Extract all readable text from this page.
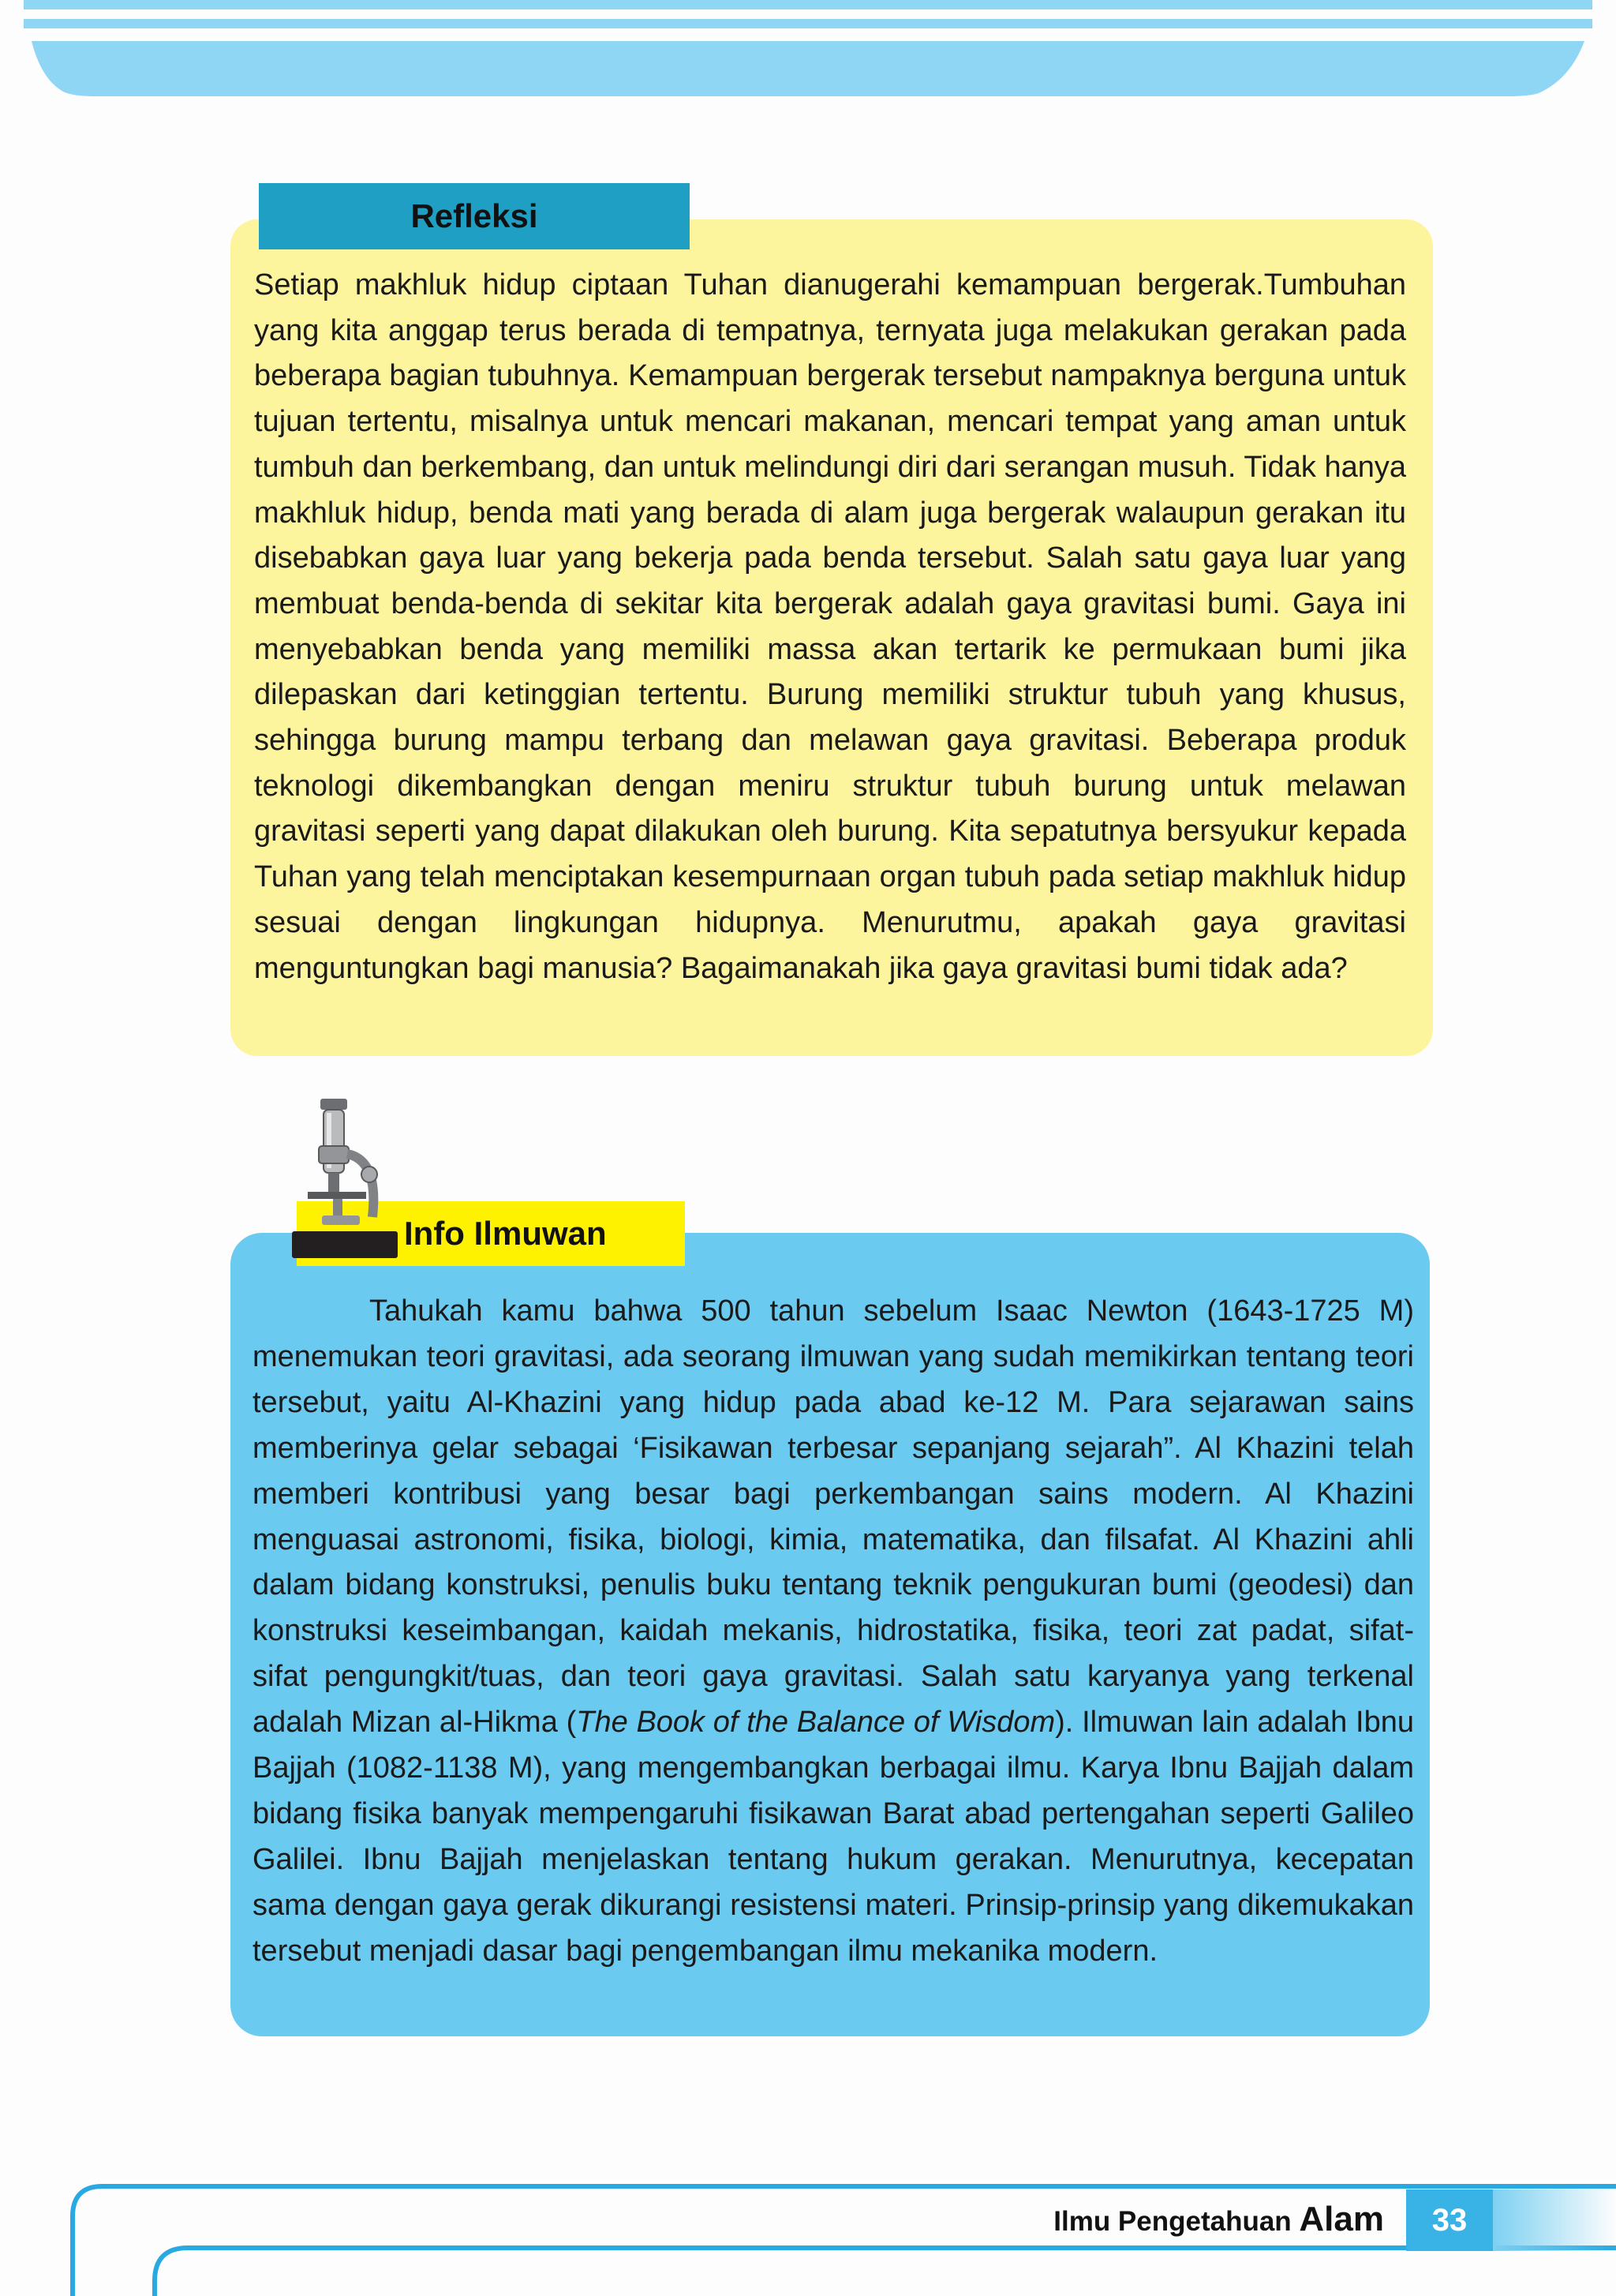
Refleksi

Setiap makhluk hidup ciptaan Tuhan dianugerahi kemampuan bergerak.Tumbuhan yang kita anggap terus berada di tempatnya, ternyata juga melakukan gerakan pada beberapa bagian tubuhnya. Kemampuan bergerak tersebut nampaknya berguna untuk tujuan tertentu, misalnya untuk mencari makanan, mencari tempat yang aman untuk tumbuh dan berkembang, dan untuk melindungi diri dari serangan musuh. Tidak hanya makhluk hidup, benda mati yang berada di alam juga bergerak walaupun gerakan itu disebabkan gaya luar yang bekerja pada benda tersebut. Salah satu gaya luar yang membuat benda-benda di sekitar kita bergerak adalah gaya gravitasi bumi. Gaya ini menyebabkan benda yang memiliki massa akan tertarik ke permukaan bumi jika dilepaskan dari ketinggian tertentu. Burung memiliki struktur tubuh yang khusus, sehingga burung mampu terbang dan melawan gaya gravitasi. Beberapa produk teknologi dikembangkan dengan meniru struktur tubuh burung untuk melawan gravitasi seperti yang dapat dilakukan oleh burung. Kita sepatutnya bersyukur kepada Tuhan yang telah menciptakan kesempurnaan organ tubuh pada setiap makhluk hidup sesuai dengan lingkungan hidupnya. Menurutmu, apakah gaya gravitasi menguntungkan bagi manusia? Bagaimanakah jika gaya gravitasi bumi tidak ada?

Info Ilmuwan

Tahukah kamu bahwa 500 tahun sebelum Isaac Newton (1643-1725 M) menemukan teori gravitasi, ada seorang ilmuwan yang sudah memikirkan tentang teori tersebut, yaitu Al-Khazini yang hidup pada abad ke-12 M. Para sejarawan sains memberinya gelar sebagai ‘Fisikawan terbesar sepanjang sejarah”. Al Khazini telah memberi kontribusi yang besar bagi perkembangan sains modern. Al Khazini menguasai astronomi, fisika, biologi, kimia, matematika, dan filsafat. Al Khazini ahli dalam bidang konstruksi, penulis buku tentang teknik pengukuran bumi (geodesi) dan konstruksi keseimbangan, kaidah mekanis, hidrostatika, fisika, teori zat padat, sifat-sifat pengungkit/tuas, dan teori gaya gravitasi. Salah satu karyanya yang terkenal adalah Mizan al-Hikma (The Book of the Balance of Wisdom). Ilmuwan lain adalah Ibnu Bajjah (1082-1138 M), yang mengembangkan berbagai ilmu. Karya Ibnu Bajjah dalam bidang fisika banyak mempengaruhi fisikawan Barat abad pertengahan seperti Galileo Galilei. Ibnu Bajjah menjelaskan tentang hukum gerakan. Menurutnya, kecepatan sama dengan gaya gerak dikurangi resistensi materi. Prinsip-prinsip yang dikemukakan tersebut menjadi dasar bagi pengembangan ilmu mekanika modern.

Ilmu Pengetahuan Alam	33
